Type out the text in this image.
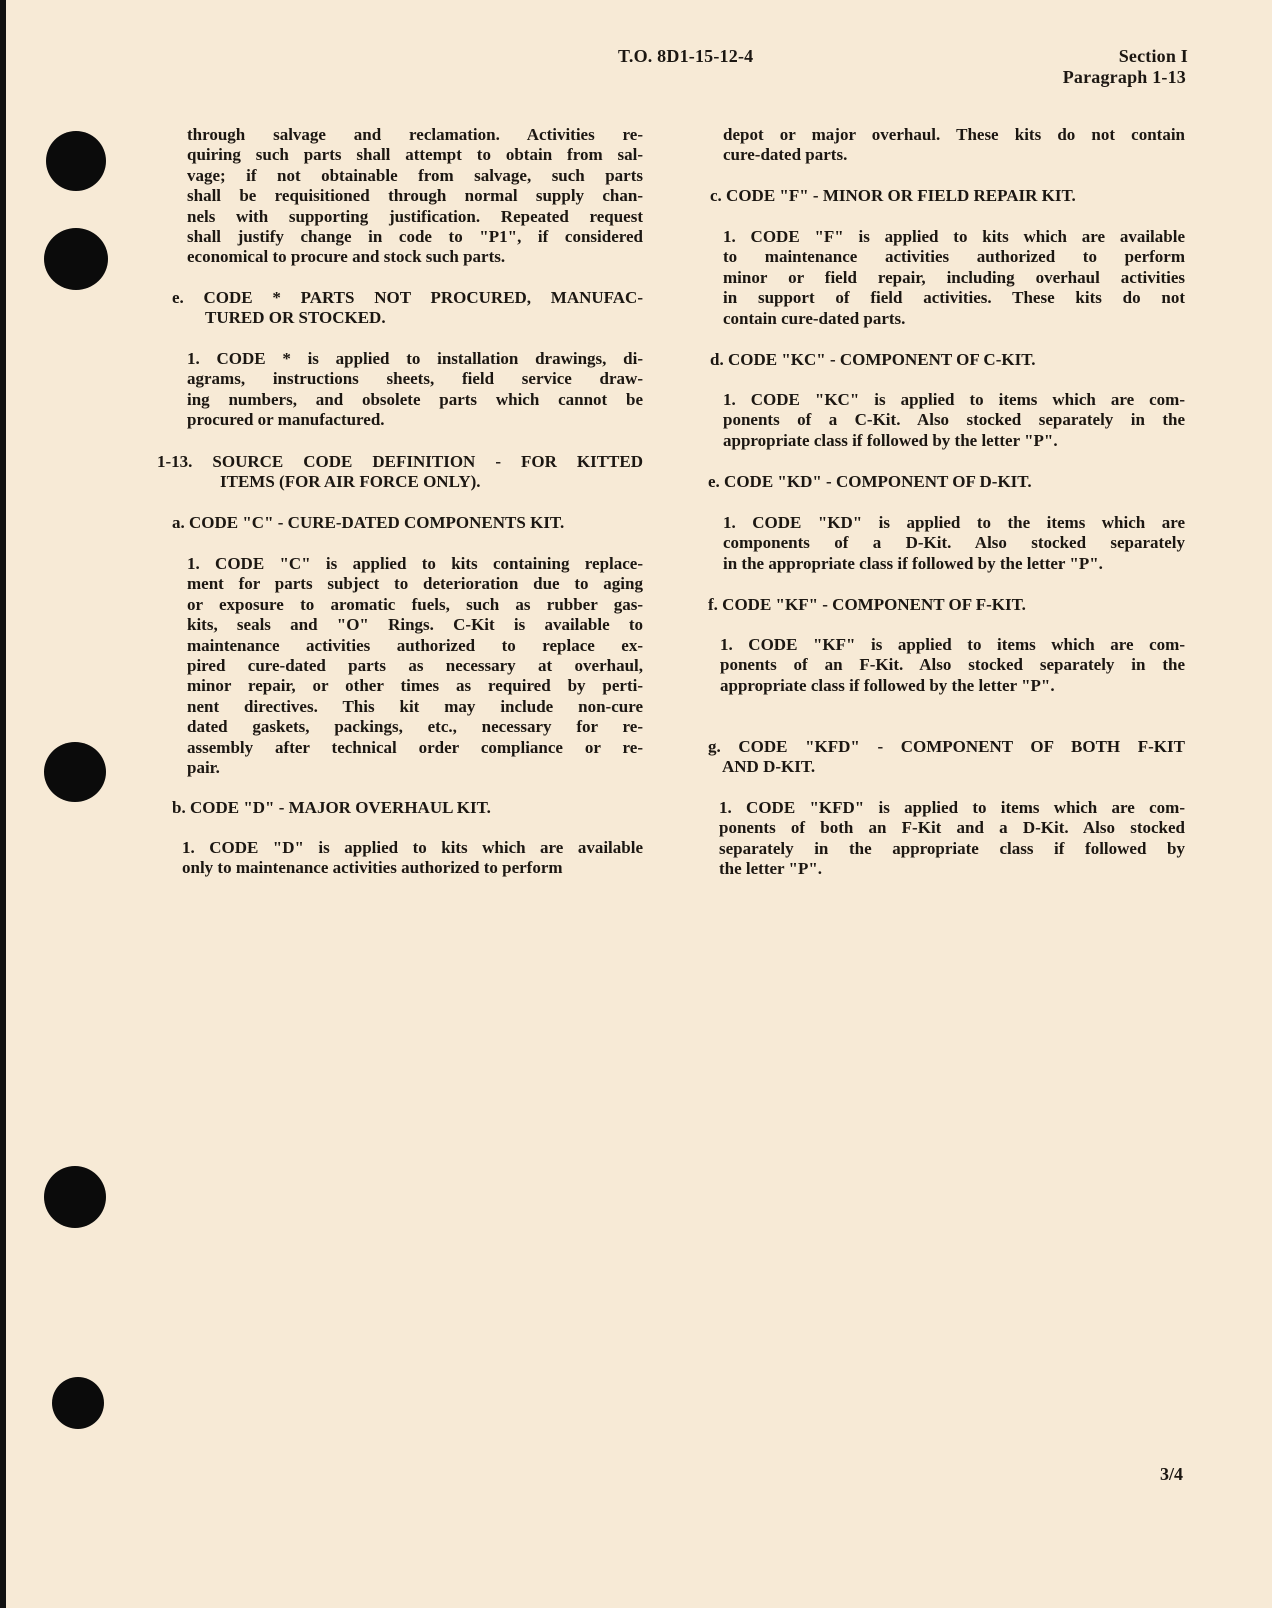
T.O. 8D1-15-12-4	Section I
Paragraph 1-13
through salvage and reclamation. Activities re-
quiring such parts shall attempt to obtain from sal-
vage; if not obtainable from salvage, such parts
shall be requisitioned through normal supply chan-
nels with supporting justification. Repeated request
shall justify change in code to "P1", if considered
economical to procure and stock such parts.
e. CODE * PARTS NOT PROCURED, MANUFAC-
TURED OR STOCKED.
1. CODE * is applied to installation drawings, di-
agrams, instructions sheets, field service draw-
ing numbers, and obsolete parts which cannot be
procured or manufactured.
1-13. SOURCE CODE DEFINITION - FOR KITTED
ITEMS (FOR AIR FORCE ONLY).
a. CODE "C" - CURE-DATED COMPONENTS KIT.
1. CODE "C" is applied to kits containing replace-
ment for parts subject to deterioration due to aging
or exposure to aromatic fuels, such as rubber gas-
kits, seals and "O" Rings. C-Kit is available to
maintenance activities authorized to replace ex-
pired cure-dated parts as necessary at overhaul,
minor repair, or other times as required by perti-
nent directives. This kit may include non-cure
dated gaskets, packings, etc., necessary for re-
assembly after technical order compliance or re-
pair.
b. CODE "D" - MAJOR OVERHAUL KIT.
1. CODE "D" is applied to kits which are available
only to maintenance activities authorized to perform
depot or major overhaul. These kits do not contain
cure-dated parts.
c. CODE "F" - MINOR OR FIELD REPAIR KIT.
1. CODE "F" is applied to kits which are available
to maintenance activities authorized to perform
minor or field repair, including overhaul activities
in support of field activities. These kits do not
contain cure-dated parts.
d. CODE "KC" - COMPONENT OF C-KIT.
1. CODE "KC" is applied to items which are com-
ponents of a C-Kit. Also stocked separately in the
appropriate class if followed by the letter "P".
e. CODE "KD" - COMPONENT OF D-KIT.
1. CODE "KD" is applied to the items which are
components of a D-Kit. Also stocked separately
in the appropriate class if followed by the letter "P".
f. CODE "KF" - COMPONENT OF F-KIT.
1. CODE "KF" is applied to items which are com-
ponents of an F-Kit. Also stocked separately in the
appropriate class if followed by the letter "P".
g. CODE "KFD" - COMPONENT OF BOTH F-KIT
AND D-KIT.
1. CODE "KFD" is applied to items which are com-
ponents of both an F-Kit and a D-Kit. Also stocked
separately in the appropriate class if followed by
the letter "P".
3/4
